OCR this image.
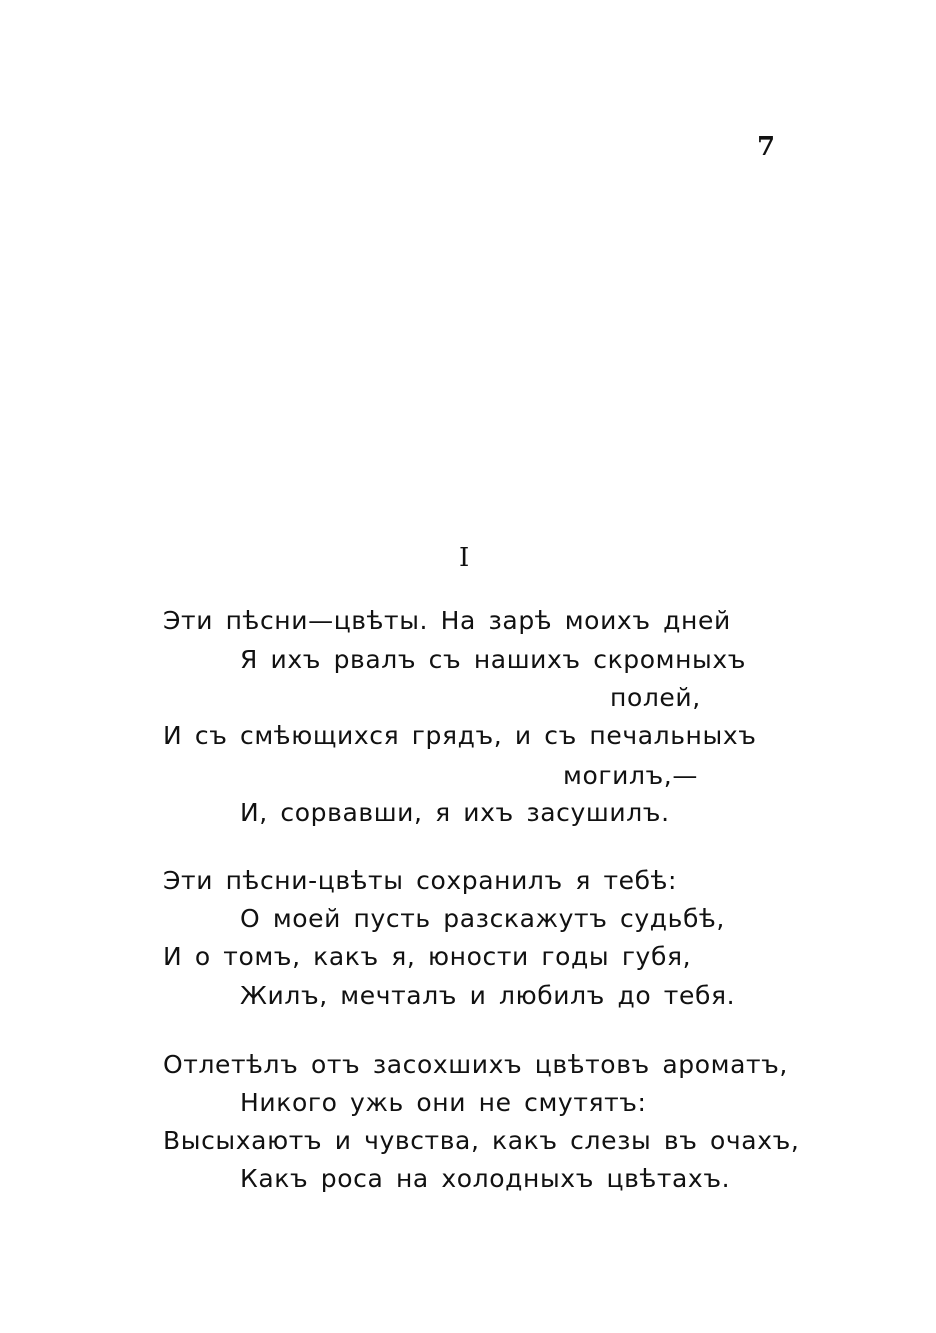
7
I
Эти пѣсни—цвѣты. На зарѣ моихъ дней
Я ихъ рвалъ съ нашихъ скромныхъ
полей,
И съ смѣющихся грядъ, и съ печальныхъ
могилъ,—
И, сорвавши, я ихъ засушилъ.
Эти пѣсни-цвѣты сохранилъ я тебѣ:
О моей пусть разскажутъ судьбѣ,
И о томъ, какъ я, юности годы губя,
Жилъ, мечталъ и любилъ до тебя.
Отлетѣлъ отъ засохшихъ цвѣтовъ ароматъ,
Никого ужь они не смутятъ:
Высыхаютъ и чувства, какъ слезы въ очахъ,
Какъ роса на холодныхъ цвѣтахъ.
